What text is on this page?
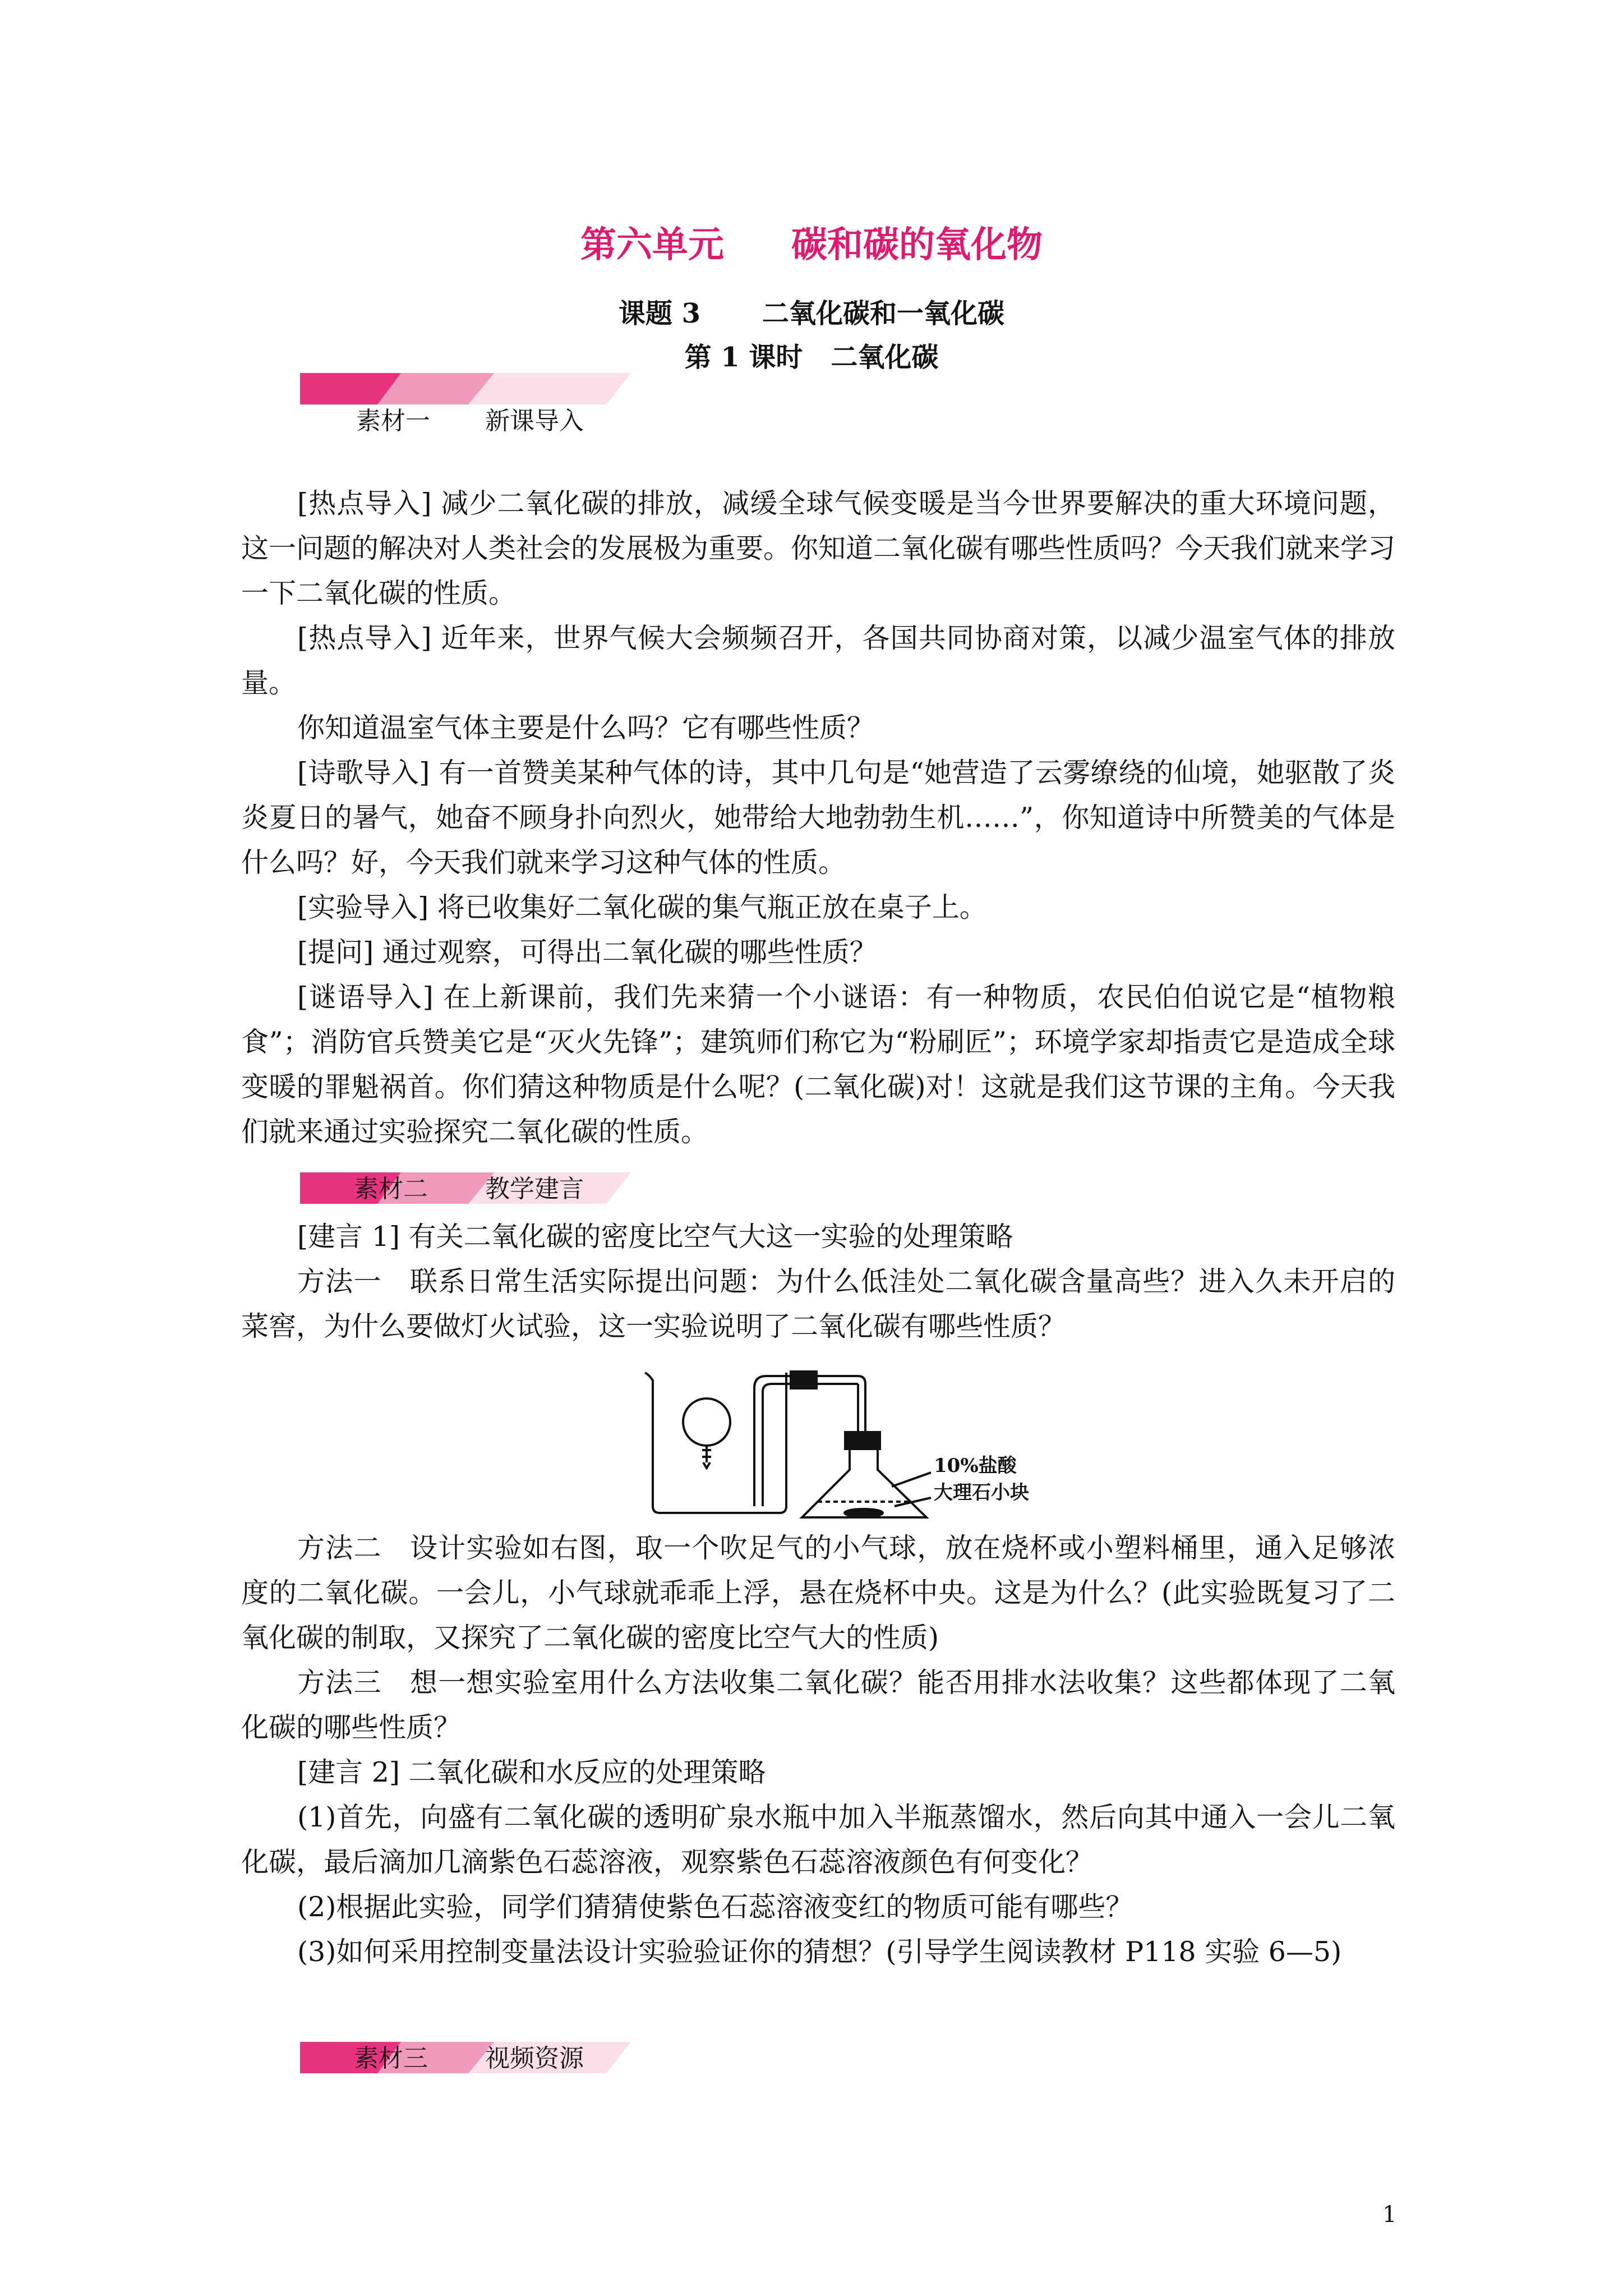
第六单元 碳和碳的氧化物
课题 3 二氧化碳和一氧化碳
第 1 课时 二氧化碳
素材一 新课导入

[热点导入] 减少二氧化碳的排放，减缓全球气候变暖是当今世界要解决的重大环境问题，这一问题的解决对人类社会的发展极为重要。你知道二氧化碳有哪些性质吗？今天我们就来学习一下二氧化碳的性质。

[热点导入] 近年来，世界气候大会频频召开，各国共同协商对策，以减少温室气体的排放量。

你知道温室气体主要是什么吗？它有哪些性质？

[诗歌导入] 有一首赞美某种气体的诗，其中几句是“她营造了云雾缭绕的仙境，她驱散了炎炎夏日的暑气，她奋不顾身扑向烈火，她带给大地勃勃生机……”，你知道诗中所赞美的气体是什么吗？好，今天我们就来学习这种气体的性质。

[实验导入] 将已收集好二氧化碳的集气瓶正放在桌子上。

[提问] 通过观察，可得出二氧化碳的哪些性质？

[谜语导入] 在上新课前，我们先来猜一个小谜语：有一种物质，农民伯伯说它是“植物粮食”；消防官兵赞美它是“灭火先锋”；建筑师们称它为“粉刷匠”；环境学家却指责它是造成全球变暖的罪魁祸首。你们猜这种物质是什么呢？(二氧化碳)对！这就是我们这节课的主角。今天我们就来通过实验探究二氧化碳的性质。

素材二 教学建言

[建言 1] 有关二氧化碳的密度比空气大这一实验的处理策略

方法一　联系日常生活实际提出问题：为什么低洼处二氧化碳含量高些？进入久未开启的菜窖，为什么要做灯火试验，这一实验说明了二氧化碳有哪些性质？

10%盐酸
大理石小块

方法二　设计实验如右图，取一个吹足气的小气球，放在烧杯或小塑料桶里，通入足够浓度的二氧化碳。一会儿，小气球就乖乖上浮，悬在烧杯中央。这是为什么？(此实验既复习了二氧化碳的制取，又探究了二氧化碳的密度比空气大的性质)

方法三　想一想实验室用什么方法收集二氧化碳？能否用排水法收集？这些都体现了二氧化碳的哪些性质？

[建言 2] 二氧化碳和水反应的处理策略

(1)首先，向盛有二氧化碳的透明矿泉水瓶中加入半瓶蒸馏水，然后向其中通入一会儿二氧化碳，最后滴加几滴紫色石蕊溶液，观察紫色石蕊溶液颜色有何变化？

(2)根据此实验，同学们猜猜使紫色石蕊溶液变红的物质可能有哪些？

(3)如何采用控制变量法设计实验验证你的猜想？(引导学生阅读教材 P118 实验 6—5)

素材三 视频资源
1
